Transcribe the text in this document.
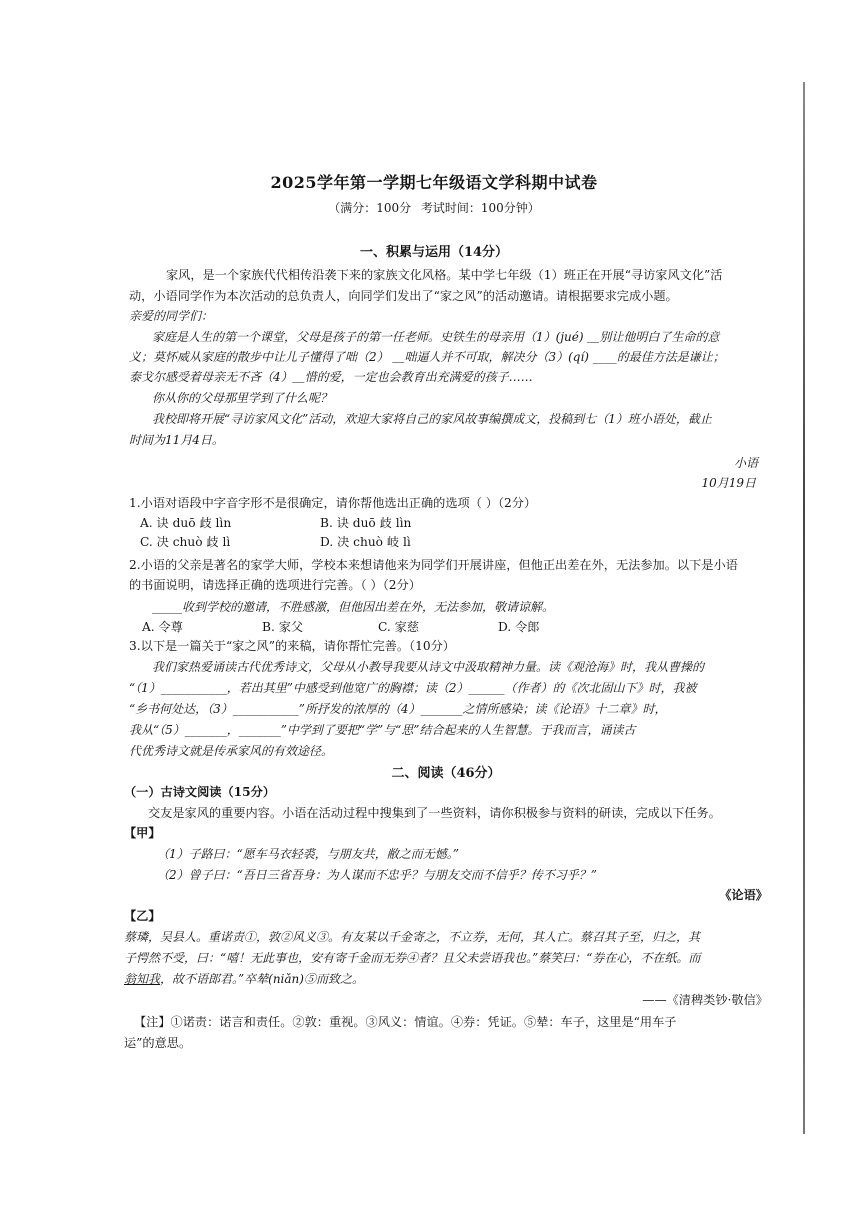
2025学年第一学期七年级语文学科期中试卷
（满分：100分 考试时间：100分钟）
一、积累与运用（14分）
家风，是一个家族代代相传沿袭下来的家族文化风格。某中学七年级（1）班正在开展“寻访家风文化”活
动，小语同学作为本次活动的总负责人，向同学们发出了“家之风”的活动邀请。请根据要求完成小题。
亲爱的同学们：
家庭是人生的第一个课堂，父母是孩子的第一任老师。史铁生的母亲用（1）(jué) ＿别让他明白了生命的意
义；莫怀威从家庭的散步中让儿子懂得了咄（2） ＿咄逼人并不可取，解决分（3）(qí) ____的最佳方法是谦让；
泰戈尔感受着母亲无不吝（4）＿惜的爱，一定也会教育出充满爱的孩子……
你从你的父母那里学到了什么呢？
我校即将开展“寻访家风文化”活动，欢迎大家将自己的家风故事编撰成文，投稿到七（1）班小语处，截止
时间为11月4日。
小语
10月19日
1.小语对语段中字音字形不是很确定，请你帮他选出正确的选项（ ）（2分）
A. 诀 duō 歧 lìn	B. 诀 duō 歧 lìn
C. 决 chuò 歧 lì	D. 决 chuò 岐 lì
2.小语的父亲是著名的家学大师，学校本来想请他来为同学们开展讲座，但他正出差在外，无法参加。以下是小语
的书面说明，请选择正确的选项进行完善。（ ）（2分）
_____收到学校的邀请，不胜感激，但他因出差在外，无法参加，敬请谅解。
A. 令尊	B. 家父	C. 家慈	D. 令郎
3.以下是一篇关于“家之风”的来稿，请你帮忙完善。（10分）
我们家热爱诵读古代优秀诗文，父母从小教导我要从诗文中汲取精神力量。读《观沧海》时，我从曹操的
“（1）___________，若出其里”中感受到他宽广的胸襟；读（2）______（作者）的《次北固山下》时，我被
“乡书何处达，（3）___________”所抒发的浓厚的（4）_______之情所感染；读《论语》十二章》时，
我从“（5）_______，_______”中学到了要把“学”与“思”结合起来的人生智慧。于我而言，诵读古
代优秀诗文就是传承家风的有效途径。
二、阅读（46分）
（一）古诗文阅读（15分）
交友是家风的重要内容。小语在活动过程中搜集到了一些资料，请你积极参与资料的研读，完成以下任务。
【甲】
（1）子路曰：“愿车马衣轻裘，与朋友共，敝之而无憾。”
（2）曾子曰：“吾日三省吾身：为人谋而不忠乎？与朋友交而不信乎？传不习乎？”
《论语》
【乙】
蔡璘，吴县人。重诺责①，敦②风义③。有友某以千金寄之，不立券，无何，其人亡。蔡召其子至，归之，其
子愕然不受，曰：“嘻！无此事也，安有寄千金而无券④者？且父未尝语我也。”蔡笑曰：“券在心，不在纸。而
翁知我，故不语郎君。”卒辇(niǎn)⑤而致之。
——《清稗类钞·敬信》
【注】①诺责：诺言和责任。②敦：重视。③风义：情谊。④券：凭证。⑤辇：车子，这里是“用车子
运”的意思。
